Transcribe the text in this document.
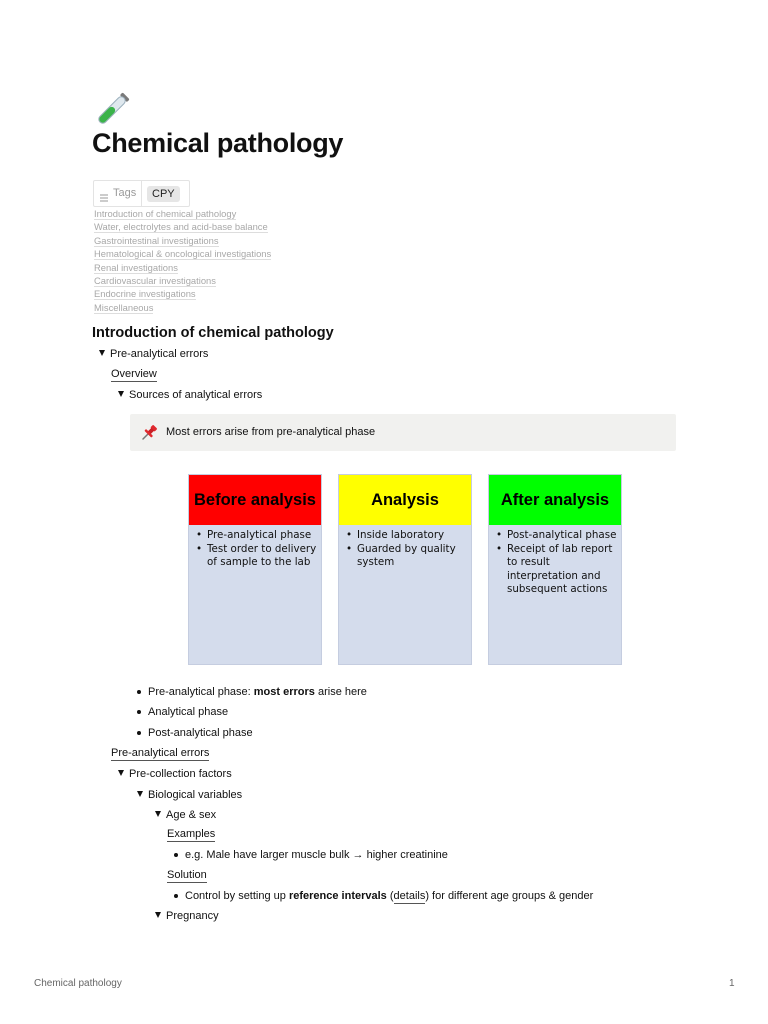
Chemical pathology
Tags	CPY
Introduction of chemical pathology
Water, electrolytes and acid-base balance
Gastrointestinal investigations
Hematological & oncological investigations
Renal investigations
Cardiovascular investigations
Endocrine investigations
Miscellaneous
Introduction of chemical pathology
Pre-analytical errors
Overview
Sources of analytical errors
Most errors arise from pre-analytical phase
Before analysis
• Pre-analytical phase
• Test order to delivery of sample to the lab
Analysis
• Inside laboratory
• Guarded by quality system
After analysis
• Post-analytical phase
• Receipt of lab report to result interpretation and subsequent actions
Pre-analytical phase: most errors arise here
Analytical phase
Post-analytical phase
Pre-analytical errors
Pre-collection factors
Biological variables
Age & sex
Examples
e.g. Male have larger muscle bulk → higher creatinine
Solution
Control by setting up reference intervals (details) for different age groups & gender
Pregnancy
Chemical pathology	1
